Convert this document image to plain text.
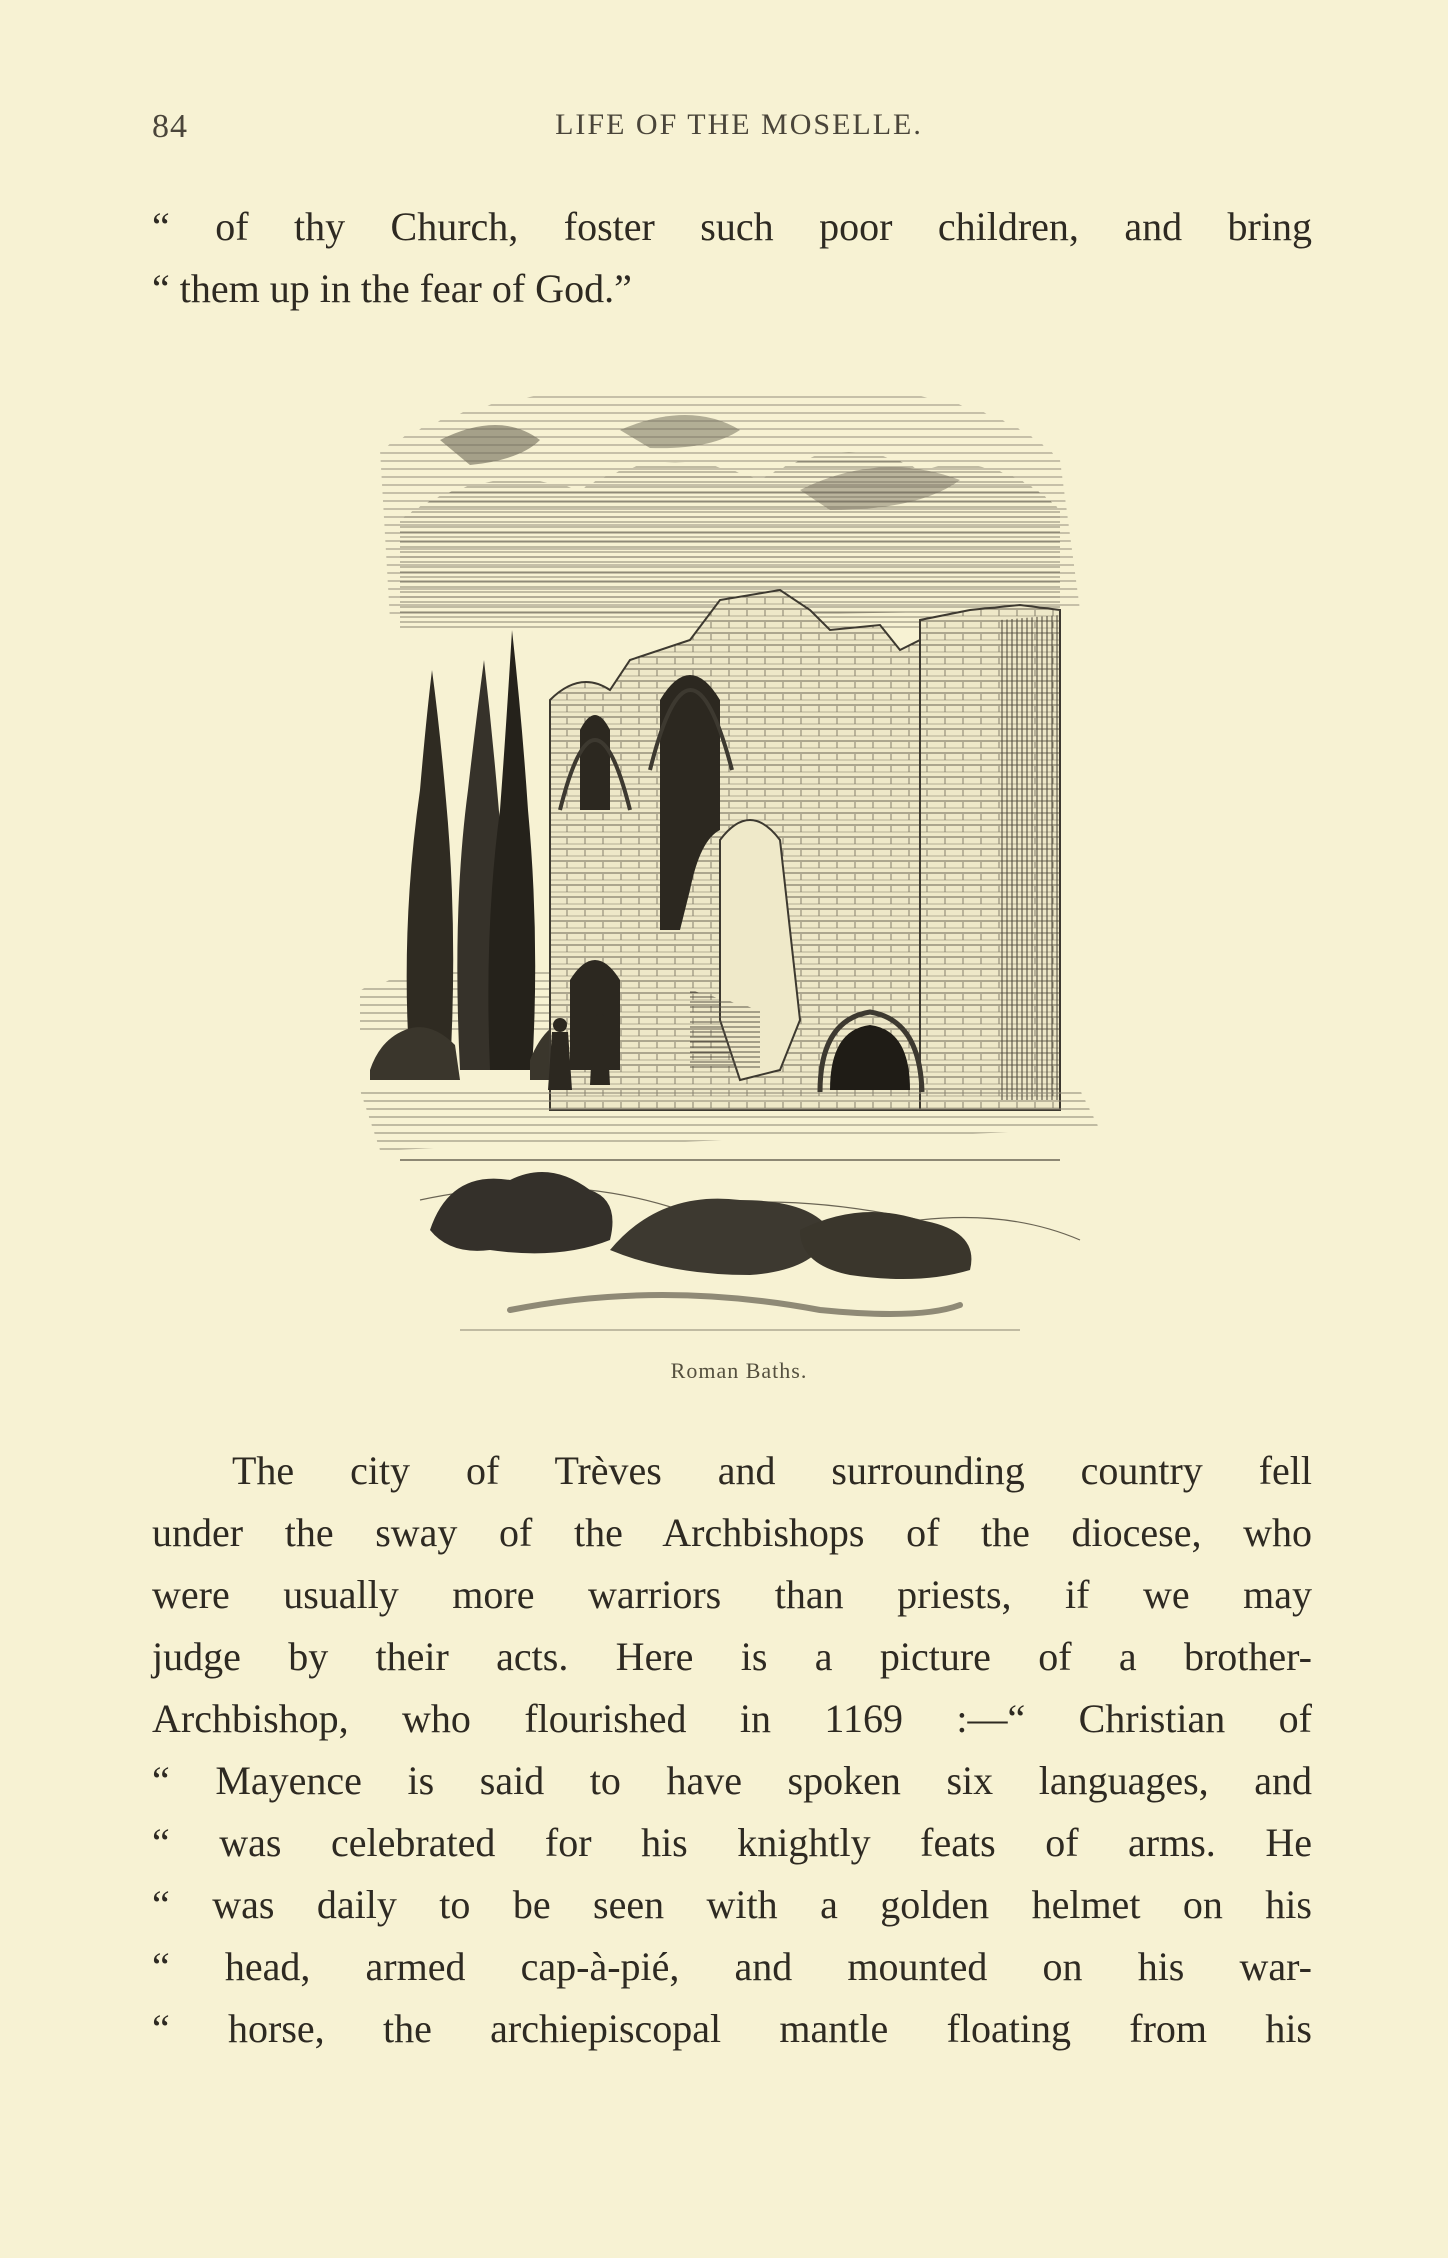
84	LIFE OF THE MOSELLE.
“ of thy Church, foster such poor children, and bring
“ them up in the fear of God.”
Roman Baths.
The city of Trèves and surrounding country fell
under the sway of the Archbishops of the diocese, who
were usually more warriors than priests, if we may
judge by their acts. Here is a picture of a brother-
Archbishop, who flourished in 1169 :—“ Christian of
“ Mayence is said to have spoken six languages, and
“ was celebrated for his knightly feats of arms. He
“ was daily to be seen with a golden helmet on his
“ head, armed cap-à-pié, and mounted on his war-
“ horse, the archiepiscopal mantle floating from his
